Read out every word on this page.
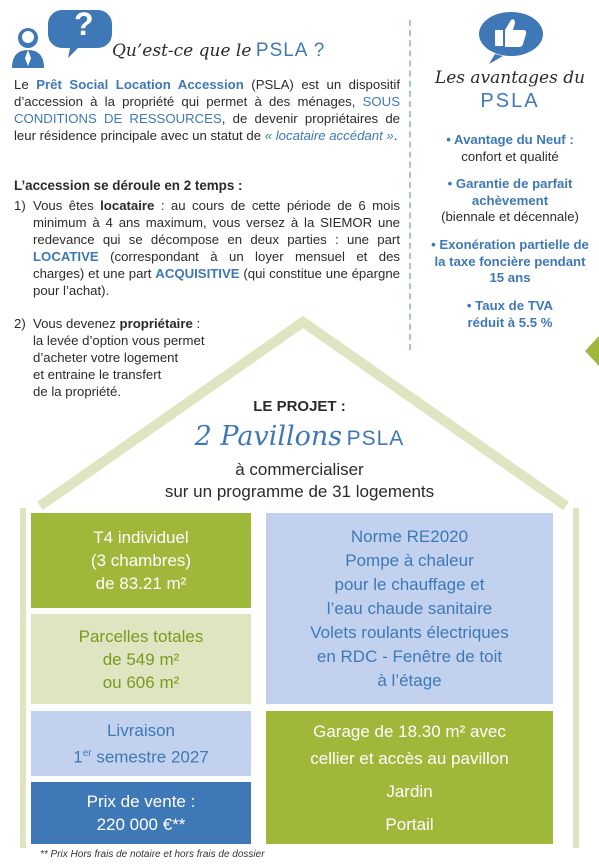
?
Qu’est-ce que le PSLA ?
Le Prêt Social Location Accession (PSLA) est un dispositif d’accession à la propriété qui permet à des ménages, SOUS CONDITIONS DE RESSOURCES, de devenir propriétaires de leur résidence principale avec un statut de « locataire accédant ».
L’accession se déroule en 2 temps :
1) Vous êtes locataire : au cours de cette période de 6 mois minimum à 4 ans maximum, vous versez à la SIEMOR une redevance qui se décompose en deux parties : une part LOCATIVE (correspondant à un loyer mensuel et des charges) et une part ACQUISITIVE (qui constitue une épargne pour l’achat).
2) Vous devenez propriétaire :
la levée d’option vous permet
d’acheter votre logement
et entraine le transfert
de la propriété.
Les avantages du
PSLA
• Avantage du Neuf :
confort et qualité
• Garantie de parfait achèvement
(biennale et décennale)
• Exonération partielle de la taxe foncière pendant 15 ans
• Taux de TVA réduit à 5.5 %
LE PROJET :
2 Pavillons PSLA
à commercialiser
sur un programme de 31 logements
T4 individuel
(3 chambres)
de 83.21 m²
Parcelles totales
de 549 m²
ou 606 m²
Livraison
1er semestre 2027
Prix de vente :
220 000 €**
Norme RE2020
Pompe à chaleur
pour le chauffage et
l’eau chaude sanitaire
Volets roulants électriques
en RDC - Fenêtre de toit
à l’étage
Garage de 18.30 m² avec
cellier et accès au pavillon
Jardin
Portail
** Prix Hors frais de notaire et hors frais de dossier
